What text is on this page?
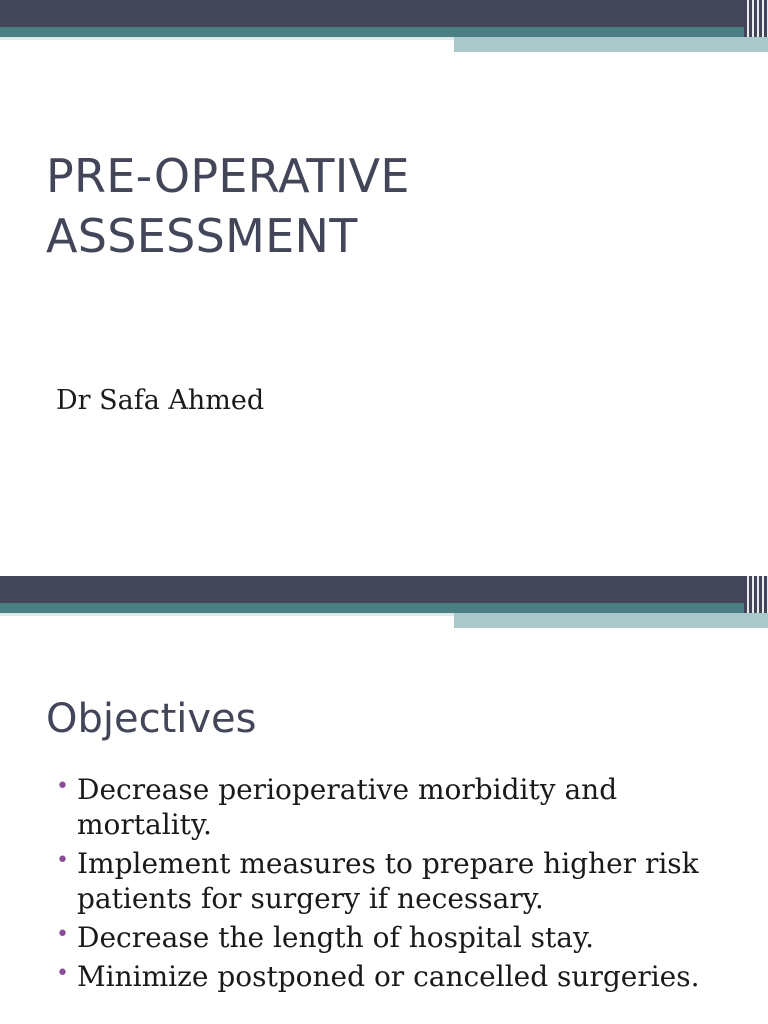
PRE-OPERATIVE
ASSESSMENT

Dr Safa Ahmed

Objectives
• Decrease perioperative morbidity and mortality.
• Implement measures to prepare higher risk patients for surgery if necessary.
• Decrease the length of hospital stay.
• Minimize postponed or cancelled surgeries.
